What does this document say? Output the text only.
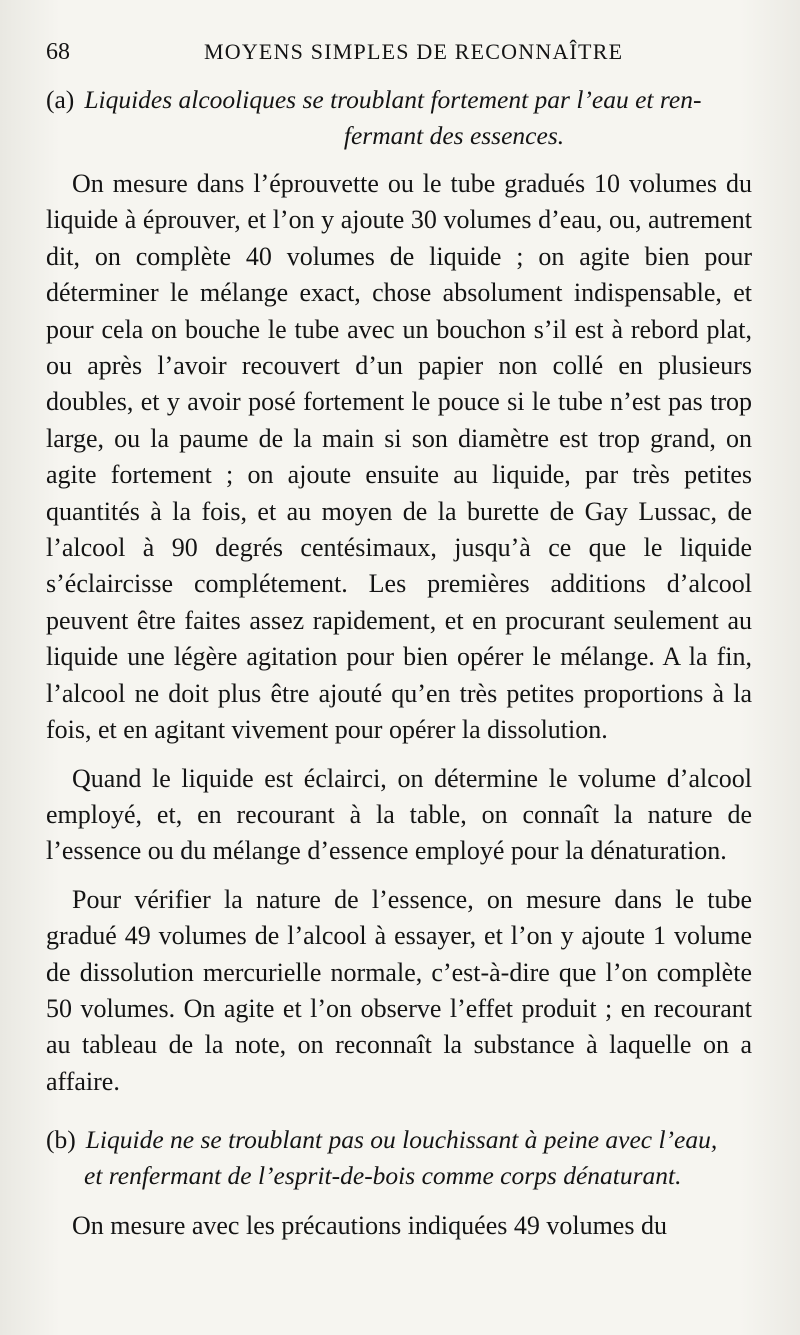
68	MOYENS SIMPLES DE RECONNAÎTRE
(a) Liquides alcooliques se troublant fortement par l’eau et ren-
fermant des essences.

On mesure dans l’éprouvette ou le tube gradués 10 volumes du liquide à éprouver, et l’on y ajoute 30 volumes d’eau, ou, autrement dit, on complète 40 volumes de liquide ; on agite bien pour déterminer le mélange exact, chose absolument indispensable, et pour cela on bouche le tube avec un bouchon s’il est à rebord plat, ou après l’avoir recouvert d’un papier non collé en plusieurs doubles, et y avoir posé fortement le pouce si le tube n’est pas trop large, ou la paume de la main si son diamètre est trop grand, on agite fortement ; on ajoute ensuite au liquide, par très petites quantités à la fois, et au moyen de la burette de Gay Lussac, de l’alcool à 90 degrés centésimaux, jusqu’à ce que le liquide s’éclaircisse complétement. Les premières additions d’alcool peuvent être faites assez rapidement, et en procurant seulement au liquide une légère agitation pour bien opérer le mélange. A la fin, l’alcool ne doit plus être ajouté qu’en très petites proportions à la fois, et en agitant vivement pour opérer la dissolution.

Quand le liquide est éclairci, on détermine le volume d’alcool employé, et, en recourant à la table, on connaît la nature de l’essence ou du mélange d’essence employé pour la dénaturation.

Pour vérifier la nature de l’essence, on mesure dans le tube gradué 49 volumes de l’alcool à essayer, et l’on y ajoute 1 volume de dissolution mercurielle normale, c’est-à-dire que l’on complète 50 volumes. On agite et l’on observe l’effet produit ; en recourant au tableau de la note, on reconnaît la substance à laquelle on a affaire.

(b) Liquide ne se troublant pas ou louchissant à peine avec l’eau,
et renfermant de l’esprit-de-bois comme corps dénaturant.

On mesure avec les précautions indiquées 49 volumes du
